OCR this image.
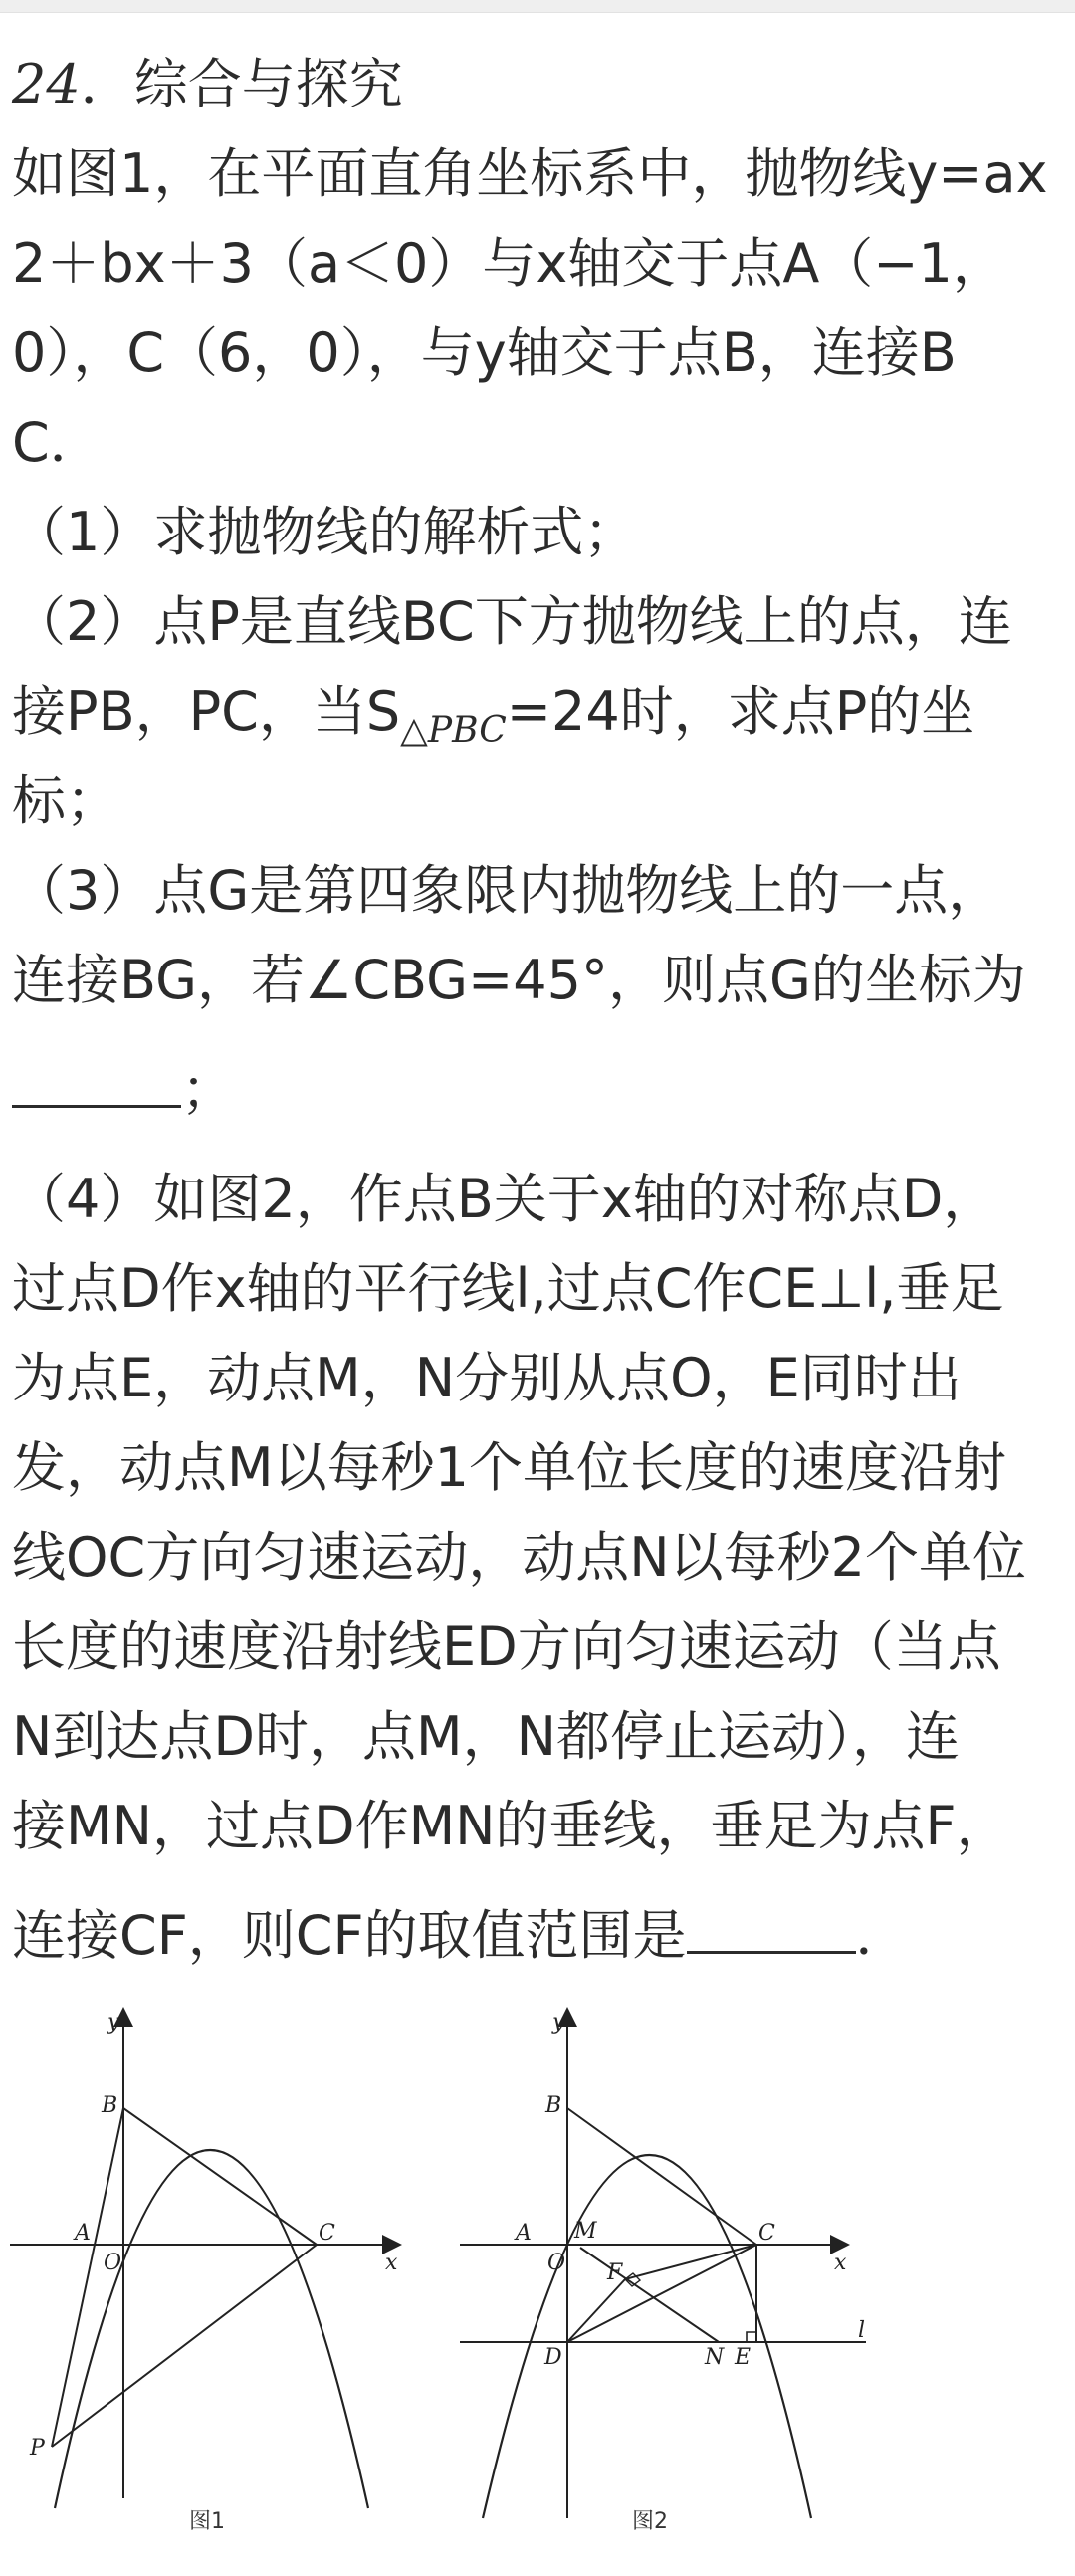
24．综合与探究
如图1，在平面直角坐标系中，抛物线y=ax
2＋bx＋3（a＜0）与x轴交于点A（−1，
0），C（6，0），与y轴交于点B，连接B
C．
（1）求抛物线的解析式；
（2）点P是直线BC下方抛物线上的点，连
接PB，PC，当$S_{\triangle PBC}=24$时，求点P的坐
标；
（3）点G是第四象限内抛物线上的一点，
连接BG，若∠CBG=45°，则点G的坐标为
；
（4）如图2，作点B关于x轴的对称点D，
过点D作x轴的平行线l,过点C作CE⊥l,垂足
为点E，动点M，N分别从点O，E同时出
发，动点M以每秒1个单位长度的速度沿射
线OC方向匀速运动，动点N以每秒2个单位
长度的速度沿射线ED方向匀速运动（当点
N到达点D时，点M，N都停止运动），连
接MN，过点D作MN的垂线，垂足为点F，
连接CF，则CF的取值范围是	．
y
x
A
O
B
C
P
图1
y
x
A
O
M
B
C
F
D	N E
l
图2
